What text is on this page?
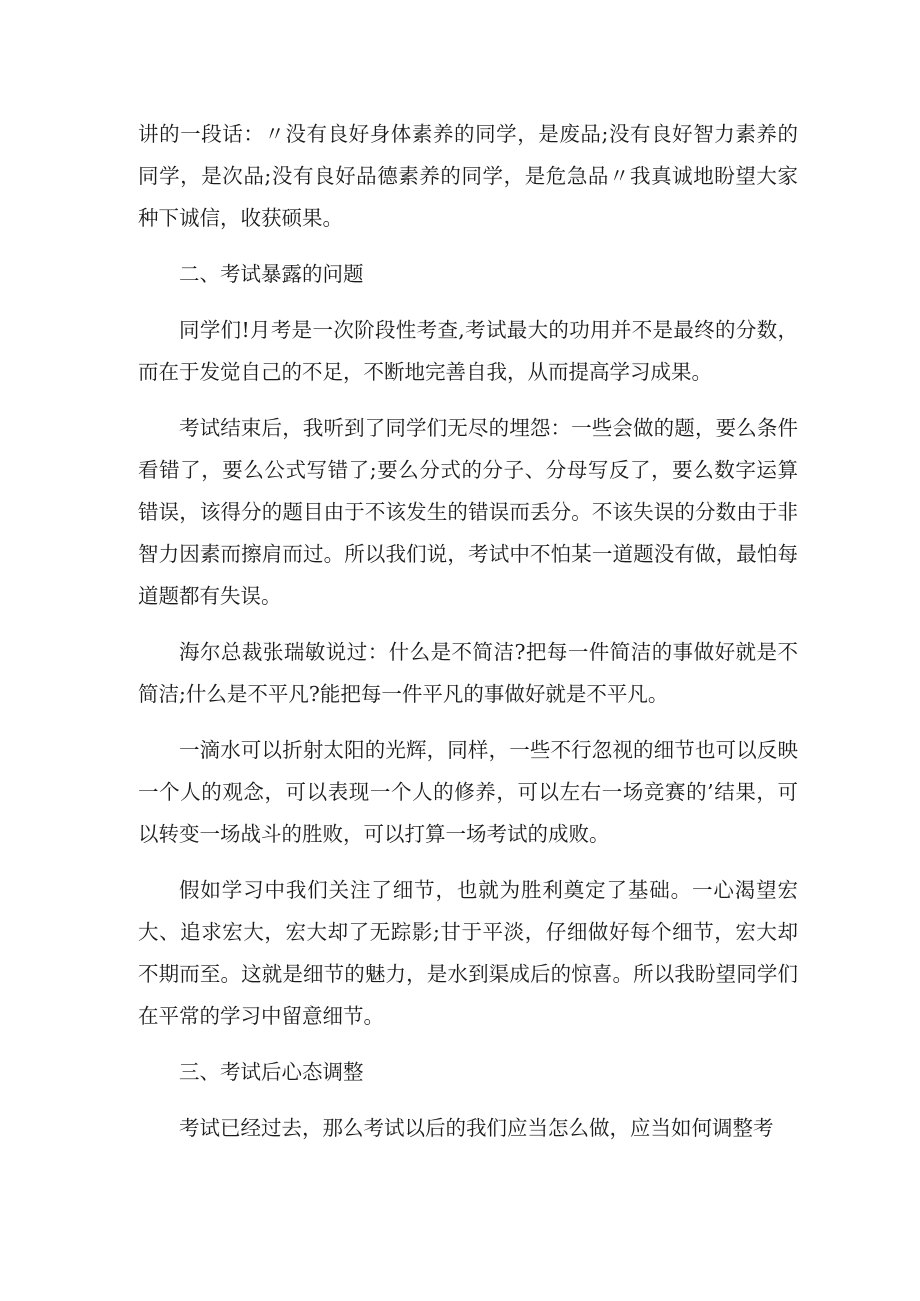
讲的一段话：〃没有良好身体素养的同学，是废品;没有良好智力素养的同学，是次品;没有良好品德素养的同学，是危急品〃我真诚地盼望大家种下诚信，收获硕果。

二、考试暴露的问题

同学们!月考是一次阶段性考查,考试最大的功用并不是最终的分数，而在于发觉自己的不足，不断地完善自我，从而提高学习成果。

考试结束后，我听到了同学们无尽的埋怨：一些会做的题，要么条件看错了，要么公式写错了;要么分式的分子、分母写反了，要么数字运算错误，该得分的题目由于不该发生的错误而丢分。不该失误的分数由于非智力因素而擦肩而过。所以我们说，考试中不怕某一道题没有做，最怕每道题都有失误。

海尔总裁张瑞敏说过：什么是不简洁?把每一件简洁的事做好就是不简洁;什么是不平凡?能把每一件平凡的事做好就是不平凡。

一滴水可以折射太阳的光辉，同样，一些不行忽视的细节也可以反映一个人的观念，可以表现一个人的修养，可以左右一场竞赛的’结果，可以转变一场战斗的胜败，可以打算一场考试的成败。

假如学习中我们关注了细节，也就为胜利奠定了基础。一心渴望宏大、追求宏大，宏大却了无踪影;甘于平淡，仔细做好每个细节，宏大却不期而至。这就是细节的魅力，是水到渠成后的惊喜。所以我盼望同学们在平常的学习中留意细节。

三、考试后心态调整

考试已经过去，那么考试以后的我们应当怎么做，应当如何调整考
